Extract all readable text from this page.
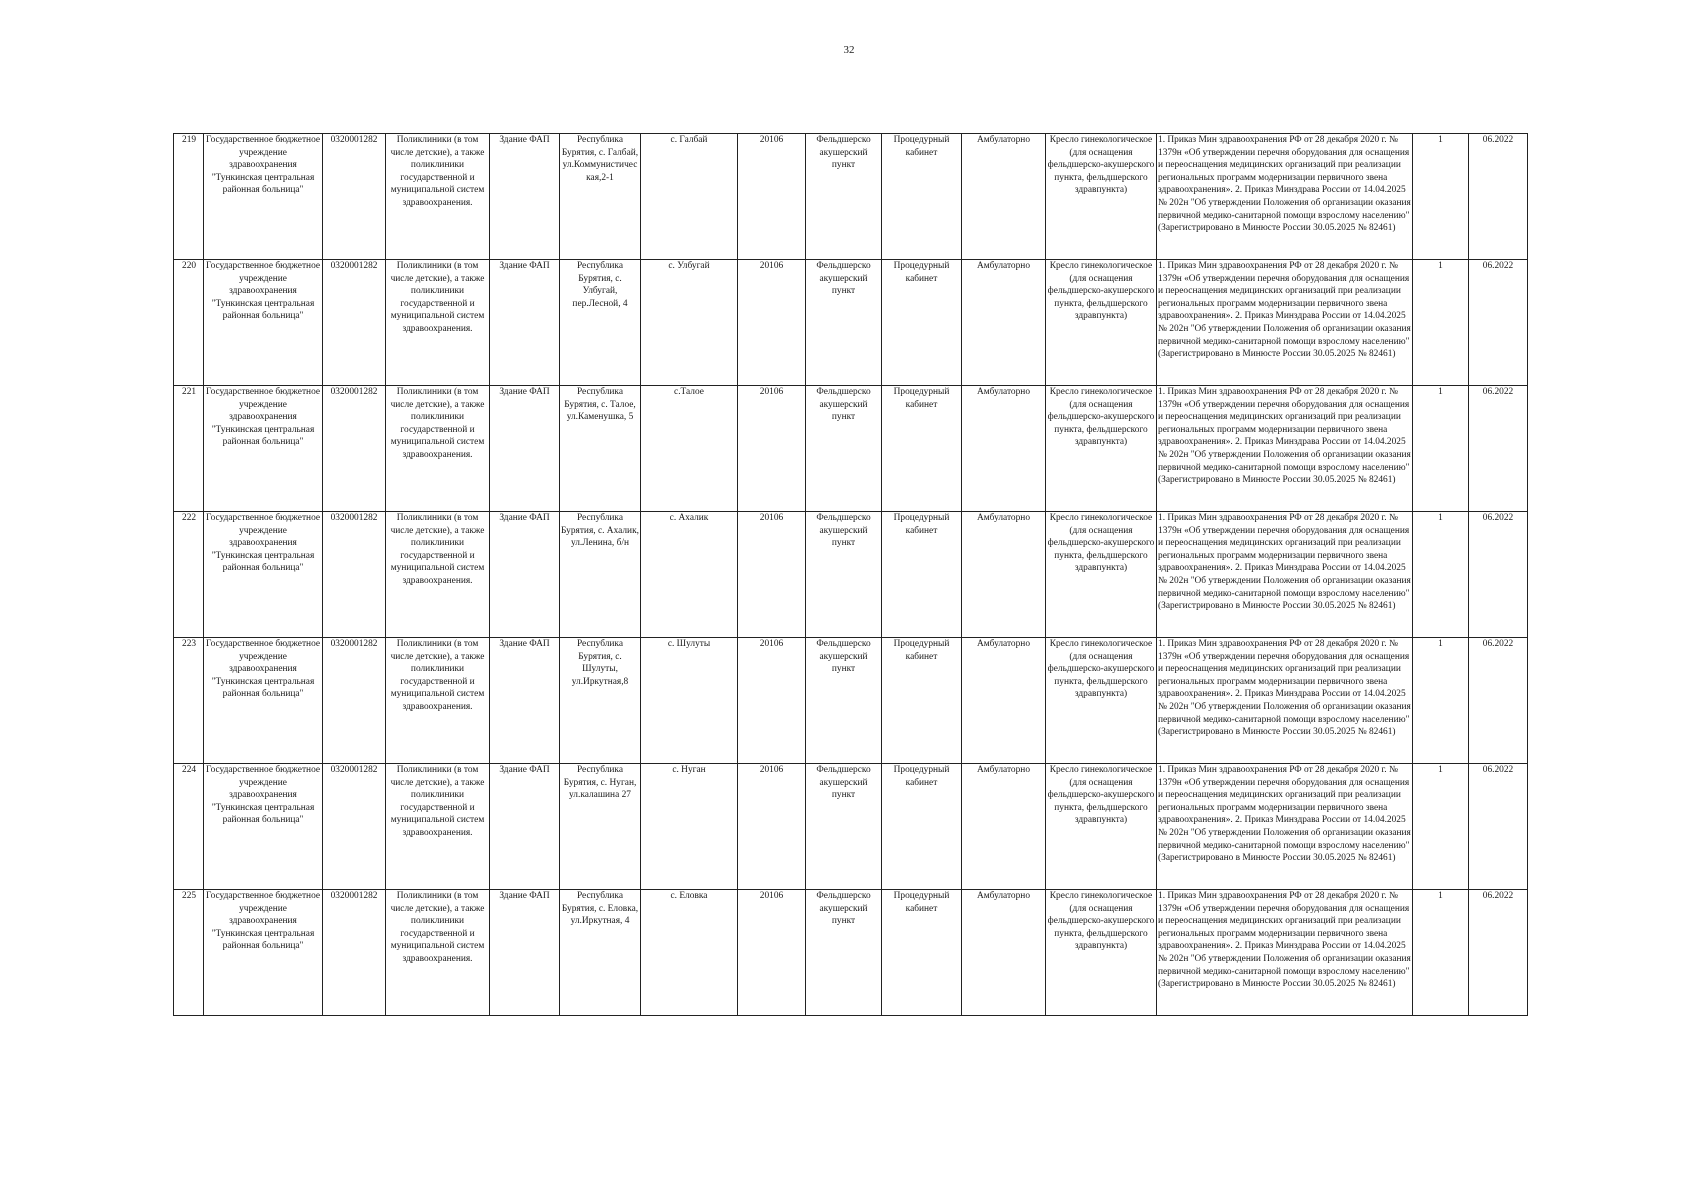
32
219	Государственное бюджетное учреждение здравоохранения "Тункинская центральная районная больница"	0320001282	Поликлиники (в том числе детские), а также поликлиники государственной и муниципальной систем здравоохранения.	Здание ФАП	Республика Бурятия, с. Галбай, ул.Коммунистическая,2-1	с. Галбай	20106	Фельдшерско акушерский пункт	Процедурный кабинет	Амбулаторно	Кресло гинекологическое (для оснащения фельдшерско-акушерского пункта, фельдшерского здравпункта)	1. Приказ Мин здравоохранения РФ от 28 декабря 2020 г. № 1379н «Об утверждении перечня оборудования для оснащения и переоснащения медицинских организаций при реализации региональных программ модернизации первичного звена здравоохранения». 2. Приказ Минздрава России от 14.04.2025 № 202н "Об утверждении Положения об организации оказания первичной медико-санитарной помощи взрослому населению" (Зарегистрировано в Минюсте России 30.05.2025 № 82461)	1	06.2022
220	Государственное бюджетное учреждение здравоохранения "Тункинская центральная районная больница"	0320001282	Поликлиники (в том числе детские), а также поликлиники государственной и муниципальной систем здравоохранения.	Здание ФАП	Республика Бурятия, с. Улбугай, пер.Лесной, 4	с. Улбугай	20106	Фельдшерско акушерский пункт	Процедурный кабинет	Амбулаторно	Кресло гинекологическое (для оснащения фельдшерско-акушерского пункта, фельдшерского здравпункта)	1. Приказ Мин здравоохранения РФ от 28 декабря 2020 г. № 1379н «Об утверждении перечня оборудования для оснащения и переоснащения медицинских организаций при реализации региональных программ модернизации первичного звена здравоохранения». 2. Приказ Минздрава России от 14.04.2025 № 202н "Об утверждении Положения об организации оказания первичной медико-санитарной помощи взрослому населению" (Зарегистрировано в Минюсте России 30.05.2025 № 82461)	1	06.2022
221	Государственное бюджетное учреждение здравоохранения "Тункинская центральная районная больница"	0320001282	Поликлиники (в том числе детские), а также поликлиники государственной и муниципальной систем здравоохранения.	Здание ФАП	Республика Бурятия, с. Талое, ул.Каменушка, 5	с.Талое	20106	Фельдшерско акушерский пункт	Процедурный кабинет	Амбулаторно	Кресло гинекологическое (для оснащения фельдшерско-акушерского пункта, фельдшерского здравпункта)	1. Приказ Мин здравоохранения РФ от 28 декабря 2020 г. № 1379н «Об утверждении перечня оборудования для оснащения и переоснащения медицинских организаций при реализации региональных программ модернизации первичного звена здравоохранения». 2. Приказ Минздрава России от 14.04.2025 № 202н "Об утверждении Положения об организации оказания первичной медико-санитарной помощи взрослому населению" (Зарегистрировано в Минюсте России 30.05.2025 № 82461)	1	06.2022
222	Государственное бюджетное учреждение здравоохранения "Тункинская центральная районная больница"	0320001282	Поликлиники (в том числе детские), а также поликлиники государственной и муниципальной систем здравоохранения.	Здание ФАП	Республика Бурятия, с. Ахалик, ул.Ленина, б/н	с. Ахалик	20106	Фельдшерско акушерский пункт	Процедурный кабинет	Амбулаторно	Кресло гинекологическое (для оснащения фельдшерско-акушерского пункта, фельдшерского здравпункта)	1. Приказ Мин здравоохранения РФ от 28 декабря 2020 г. № 1379н «Об утверждении перечня оборудования для оснащения и переоснащения медицинских организаций при реализации региональных программ модернизации первичного звена здравоохранения». 2. Приказ Минздрава России от 14.04.2025 № 202н "Об утверждении Положения об организации оказания первичной медико-санитарной помощи взрослому населению" (Зарегистрировано в Минюсте России 30.05.2025 № 82461)	1	06.2022
223	Государственное бюджетное учреждение здравоохранения "Тункинская центральная районная больница"	0320001282	Поликлиники (в том числе детские), а также поликлиники государственной и муниципальной систем здравоохранения.	Здание ФАП	Республика Бурятия, с. Шулуты, ул.Иркутная,8	с. Шулуты	20106	Фельдшерско акушерский пункт	Процедурный кабинет	Амбулаторно	Кресло гинекологическое (для оснащения фельдшерско-акушерского пункта, фельдшерского здравпункта)	1. Приказ Мин здравоохранения РФ от 28 декабря 2020 г. № 1379н «Об утверждении перечня оборудования для оснащения и переоснащения медицинских организаций при реализации региональных программ модернизации первичного звена здравоохранения». 2. Приказ Минздрава России от 14.04.2025 № 202н "Об утверждении Положения об организации оказания первичной медико-санитарной помощи взрослому населению" (Зарегистрировано в Минюсте России 30.05.2025 № 82461)	1	06.2022
224	Государственное бюджетное учреждение здравоохранения "Тункинская центральная районная больница"	0320001282	Поликлиники (в том числе детские), а также поликлиники государственной и муниципальной систем здравоохранения.	Здание ФАП	Республика Бурятия, с. Нуган, ул.калашина 27	с. Нуган	20106	Фельдшерско акушерский пункт	Процедурный кабинет	Амбулаторно	Кресло гинекологическое (для оснащения фельдшерско-акушерского пункта, фельдшерского здравпункта)	1. Приказ Мин здравоохранения РФ от 28 декабря 2020 г. № 1379н «Об утверждении перечня оборудования для оснащения и переоснащения медицинских организаций при реализации региональных программ модернизации первичного звена здравоохранения». 2. Приказ Минздрава России от 14.04.2025 № 202н "Об утверждении Положения об организации оказания первичной медико-санитарной помощи взрослому населению" (Зарегистрировано в Минюсте России 30.05.2025 № 82461)	1	06.2022
225	Государственное бюджетное учреждение здравоохранения "Тункинская центральная районная больница"	0320001282	Поликлиники (в том числе детские), а также поликлиники государственной и муниципальной систем здравоохранения.	Здание ФАП	Республика Бурятия, с. Еловка, ул.Иркутная, 4	с. Еловка	20106	Фельдшерско акушерский пункт	Процедурный кабинет	Амбулаторно	Кресло гинекологическое (для оснащения фельдшерско-акушерского пункта, фельдшерского здравпункта)	1. Приказ Мин здравоохранения РФ от 28 декабря 2020 г. № 1379н «Об утверждении перечня оборудования для оснащения и переоснащения медицинских организаций при реализации региональных программ модернизации первичного звена здравоохранения». 2. Приказ Минздрава России от 14.04.2025 № 202н "Об утверждении Положения об организации оказания первичной медико-санитарной помощи взрослому населению" (Зарегистрировано в Минюсте России 30.05.2025 № 82461)	1	06.2022
